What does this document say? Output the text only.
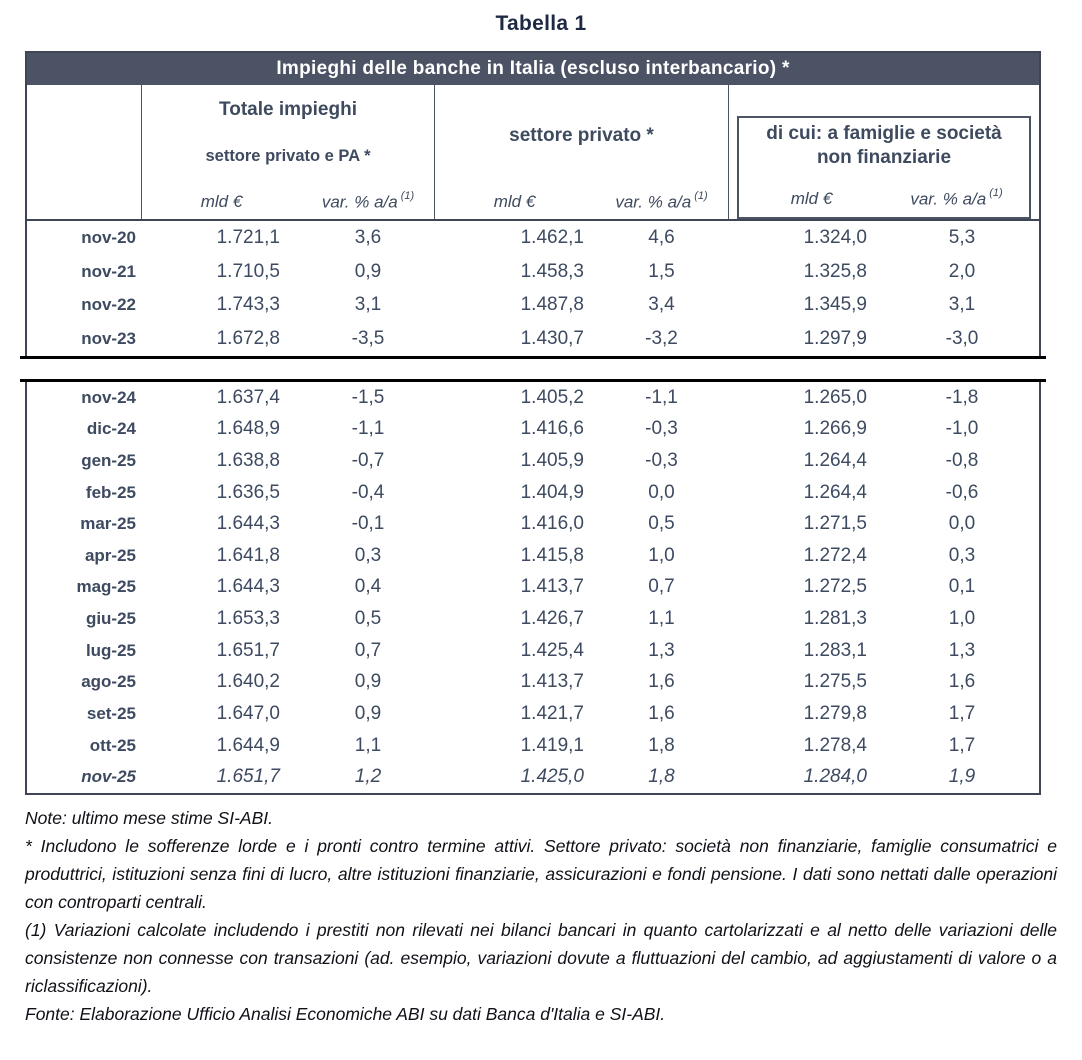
Tabella 1
Impieghi delle banche in Italia (escluso interbancario) *
Totale impieghi
settore privato e PA *
mld €	var. % a/a $^{(1)}$
settore privato *
mld €	var. % a/a $^{(1)}$
di cui: a famiglie e società
non finanziarie
mld €	var. % a/a $^{(1)}$
nov-20	1.721,1	3,6	1.462,1	4,6	1.324,0	5,3
nov-21	1.710,5	0,9	1.458,3	1,5	1.325,8	2,0
nov-22	1.743,3	3,1	1.487,8	3,4	1.345,9	3,1
nov-23	1.672,8	-3,5	1.430,7	-3,2	1.297,9	-3,0
nov-24	1.637,4	-1,5	1.405,2	-1,1	1.265,0	-1,8
dic-24	1.648,9	-1,1	1.416,6	-0,3	1.266,9	-1,0
gen-25	1.638,8	-0,7	1.405,9	-0,3	1.264,4	-0,8
feb-25	1.636,5	-0,4	1.404,9	0,0	1.264,4	-0,6
mar-25	1.644,3	-0,1	1.416,0	0,5	1.271,5	0,0
apr-25	1.641,8	0,3	1.415,8	1,0	1.272,4	0,3
mag-25	1.644,3	0,4	1.413,7	0,7	1.272,5	0,1
giu-25	1.653,3	0,5	1.426,7	1,1	1.281,3	1,0
lug-25	1.651,7	0,7	1.425,4	1,3	1.283,1	1,3
ago-25	1.640,2	0,9	1.413,7	1,6	1.275,5	1,6
set-25	1.647,0	0,9	1.421,7	1,6	1.279,8	1,7
ott-25	1.644,9	1,1	1.419,1	1,8	1.278,4	1,7
nov-25	1.651,7	1,2	1.425,0	1,8	1.284,0	1,9

Note: ultimo mese stime SI-ABI.

* Includono le sofferenze lorde e i pronti contro termine attivi. Settore privato: società non finanziarie, famiglie consumatrici e produttrici, istituzioni senza fini di lucro, altre istituzioni finanziarie, assicurazioni e fondi pensione. I dati sono nettati dalle operazioni con controparti centrali.

(1) Variazioni calcolate includendo i prestiti non rilevati nei bilanci bancari in quanto cartolarizzati e al netto delle variazioni delle consistenze non connesse con transazioni (ad. esempio, variazioni dovute a fluttuazioni del cambio, ad aggiustamenti di valore o a riclassificazioni).

Fonte: Elaborazione Ufficio Analisi Economiche ABI su dati Banca d'Italia e SI-ABI.
